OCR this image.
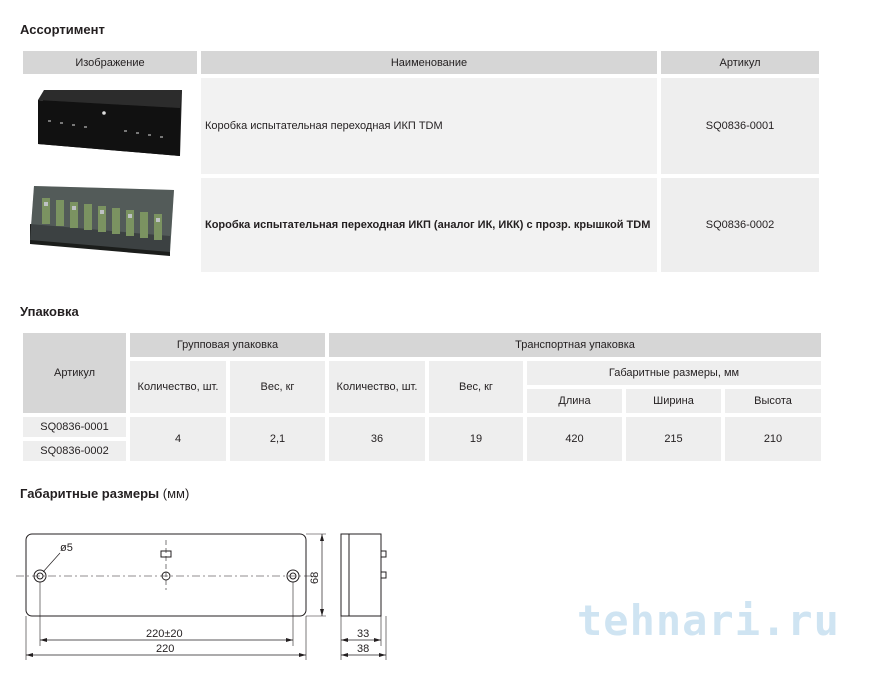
Ассортимент
Изображение	Наименование	Артикул
Коробка испытательная переходная ИКП TDM	SQ0836-0001
Коробка испытательная переходная ИКП (аналог ИК, ИКК) с прозр. крышкой TDM	SQ0836-0002
Упаковка
Артикул
Групповая упаковка	Транспортная упаковка
Количество, шт.	Вес, кг	Количество, шт.	Вес, кг
Габаритные размеры, мм
Длина	Ширина	Высота
SQ0836-0001
SQ0836-0002
4	2,1	36	19	420	215	210
Габаритные размеры (мм)
ø5
220±20
220
68
33
38
tehnari.ru
